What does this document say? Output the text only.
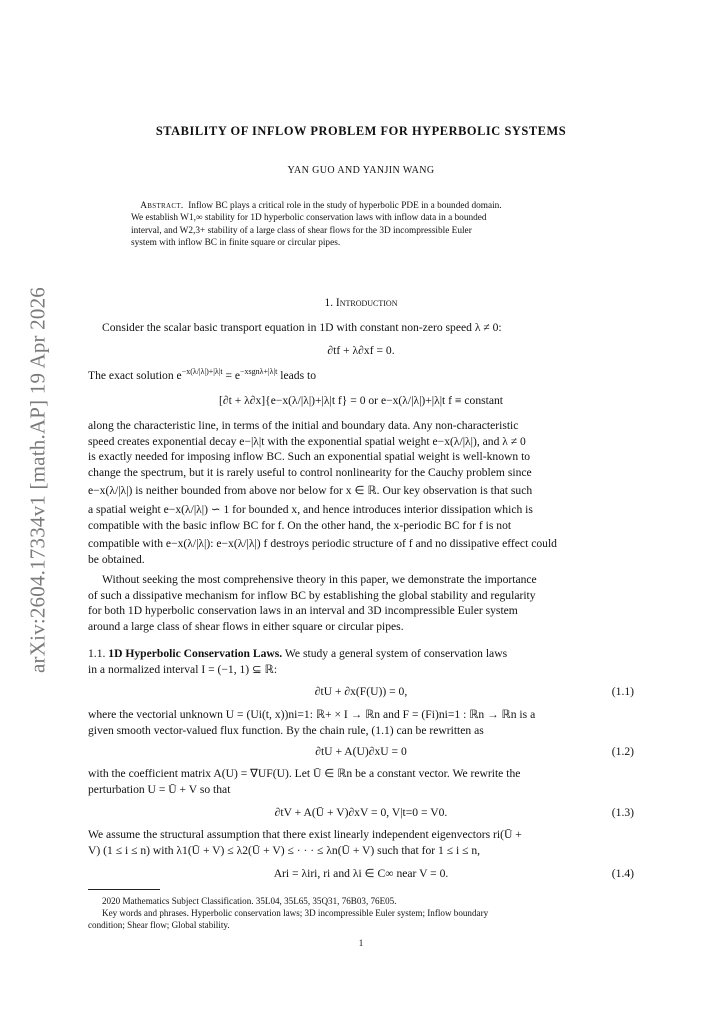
arXiv:2604.17334v1 [math.AP] 19 Apr 2026
STABILITY OF INFLOW PROBLEM FOR HYPERBOLIC SYSTEMS
YAN GUO AND YANJIN WANG
Abstract. Inflow BC plays a critical role in the study of hyperbolic PDE in a bounded domain.
We establish W1,∞ stability for 1D hyperbolic conservation laws with inflow data in a bounded
interval, and W2,3+ stability of a large class of shear flows for the 3D incompressible Euler
system with inflow BC in finite square or circular pipes.
1. Introduction
Consider the scalar basic transport equation in 1D with constant non-zero speed λ ≠ 0:
∂tf + λ∂xf = 0.
The exact solution $e^{-x(\lambda/|\lambda|)+|\lambda|t} = e^{-xsgn\lambda+|\lambda|t}$ leads to
[∂t + λ∂x]{e−x(λ/|λ|)+|λ|t f} = 0 or e−x(λ/|λ|)+|λ|t f ≡ constant
along the characteristic line, in terms of the initial and boundary data. Any non-characteristic
speed creates exponential decay e−|λ|t with the exponential spatial weight e−x(λ/|λ|), and λ ≠ 0
is exactly needed for imposing inflow BC. Such an exponential spatial weight is well-known to
change the spectrum, but it is rarely useful to control nonlinearity for the Cauchy problem since
e−x(λ/|λ|) is neither bounded from above nor below for x ∈ ℝ. Our key observation is that such
a spatial weight e−x(λ/|λ|) ∽ 1 for bounded x, and hence introduces interior dissipation which is
compatible with the basic inflow BC for f. On the other hand, the x-periodic BC for f is not
compatible with e−x(λ/|λ|): e−x(λ/|λ|) f destroys periodic structure of f and no dissipative effect could
be obtained.
Without seeking the most comprehensive theory in this paper, we demonstrate the importance
of such a dissipative mechanism for inflow BC by establishing the global stability and regularity
for both 1D hyperbolic conservation laws in an interval and 3D incompressible Euler system
around a large class of shear flows in either square or circular pipes.
1.1. 1D Hyperbolic Conservation Laws. We study a general system of conservation laws
in a normalized interval I = (−1, 1) ⊆ ℝ:
∂tU + ∂x(F(U)) = 0,	(1.1)
where the vectorial unknown U = (Ui(t, x))ni=1: ℝ+ × I → ℝn and F = (Fi)ni=1 : ℝn → ℝn is a
given smooth vector-valued flux function. By the chain rule, (1.1) can be rewritten as
∂tU + A(U)∂xU = 0	(1.2)
with the coefficient matrix A(U) = ∇UF(U). Let Ū ∈ ℝn be a constant vector. We rewrite the
perturbation U = Ū + V so that
∂tV + A(Ū + V)∂xV = 0, V|t=0 = V0.	(1.3)
We assume the structural assumption that there exist linearly independent eigenvectors ri(Ū +
V) (1 ≤ i ≤ n) with λ1(Ū + V) ≤ λ2(Ū + V) ≤ · · · ≤ λn(Ū + V) such that for 1 ≤ i ≤ n,
Ari = λiri, ri and λi ∈ C∞ near V = 0.	(1.4)
2020 Mathematics Subject Classification. 35L04, 35L65, 35Q31, 76B03, 76E05.
Key words and phrases. Hyperbolic conservation laws; 3D incompressible Euler system; Inflow boundary
condition; Shear flow; Global stability.
1
